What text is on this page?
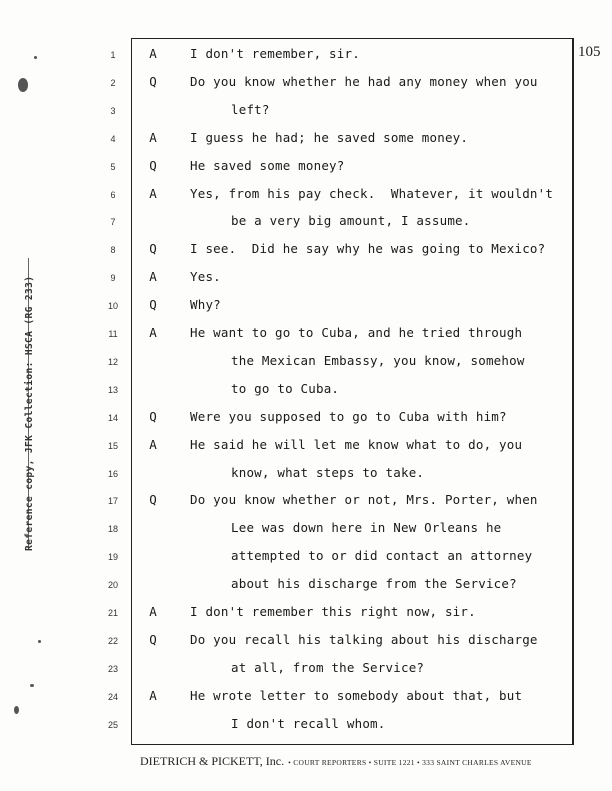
105
1	A	I don't remember, sir.
2	Q	Do you know whether he had any money when you
3	left?
4	A	I guess he had; he saved some money.
5	Q	He saved some money?
6	A	Yes, from his pay check.  Whatever, it wouldn't
7	be a very big amount, I assume.
8	Q	I see.  Did he say why he was going to Mexico?
9	A	Yes.
10	Q	Why?
11	A	He want to go to Cuba, and he tried through
12	the Mexican Embassy, you know, somehow
13	to go to Cuba.
14	Q	Were you supposed to go to Cuba with him?
15	A	He said he will let me know what to do, you
16	know, what steps to take.
17	Q	Do you know whether or not, Mrs. Porter, when
18	Lee was down here in New Orleans he
19	attempted to or did contact an attorney
20	about his discharge from the Service?
21	A	I don't remember this right now, sir.
22	Q	Do you recall his talking about his discharge
23	at all, from the Service?
24	A	He wrote letter to somebody about that, but
25	I don't recall whom.
DIETRICH & PICKETT, Inc. • COURT REPORTERS • SUITE 1221 • 333 SAINT CHARLES AVENUE
Reference copy, JFK Collection: HSCA (RG 233)
